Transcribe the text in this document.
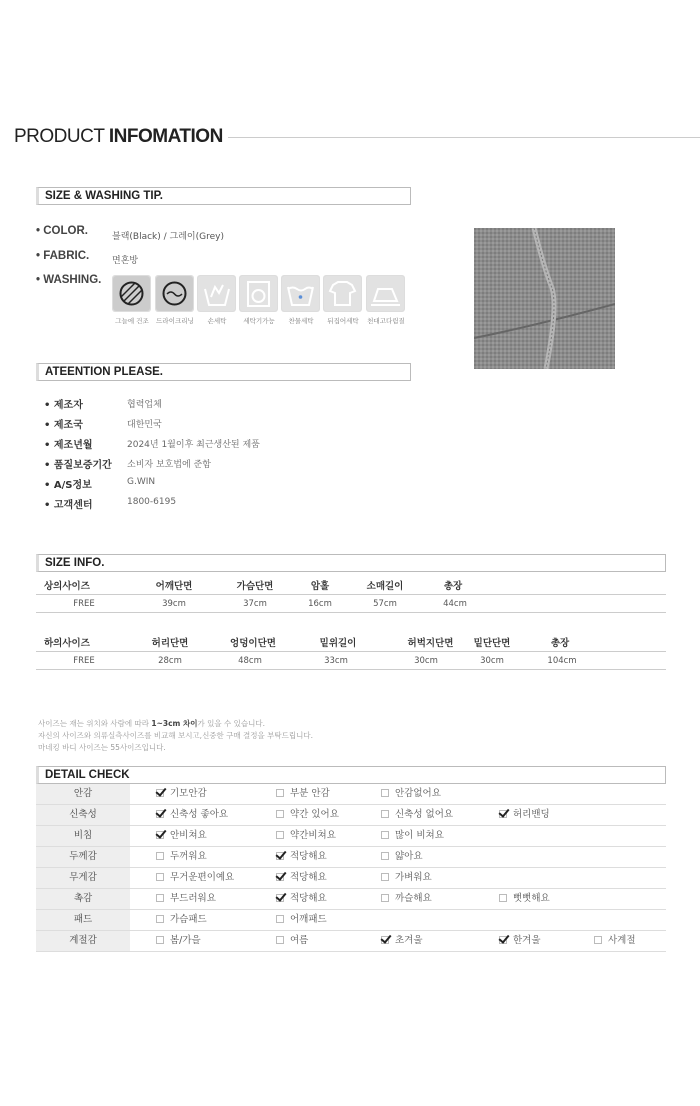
PRODUCT INFOMATION
SIZE & WASHING TIP.
• COLOR.	블랙(Black) / 그레이(Grey)
• FABRIC.	면혼방
• WASHING.
그늘에 건조	드라이크리닝	손세탁	세탁기가능	찬물세탁	뒤집어세탁	천대고다림질
ATEENTION PLEASE.
• 제조자	협력업체
• 제조국	대한민국
• 제조년월	2024년 1월이후 최근생산된 제품
• 품질보증기간 소비자 보호법에 준함
• A/S정보	G.WIN
• 고객센터	1800-6195
SIZE INFO.
상의사이즈	어깨단면	가슴단면	암홀	소매길이	총장
FREE	39cm	37cm	16cm	57cm	44cm
하의사이즈	허리단면	엉덩이단면	밑위길이	허벅지단면	밑단단면	총장
FREE	28cm	48cm	33cm	30cm	30cm	104cm
사이즈는 재는 위치와 사람에 따라 1~3cm 차이가 있을 수 있습니다.
자신의 사이즈와 의류실측사이즈를 비교해 보시고,신중한 구매 결정을 부탁드립니다.
마네킹 바디 사이즈는 55사이즈입니다.
DETAIL CHECK
안감	기모안감	부분 안감	안감없어요
신축성	신축성 좋아요	약간 있어요	신축성 없어요	허리밴딩
비침	안비쳐요	약간비쳐요	많이 비쳐요
두께감	두꺼워요	적당해요	얇아요
무게감	무거운편이예요	적당해요	가벼워요
촉감	부드러워요	적당해요	까슬해요	뻣뻣해요
패드	가슴패드	어깨패드
계절감	봄/가을	여름	초겨울	한겨울	사계절
